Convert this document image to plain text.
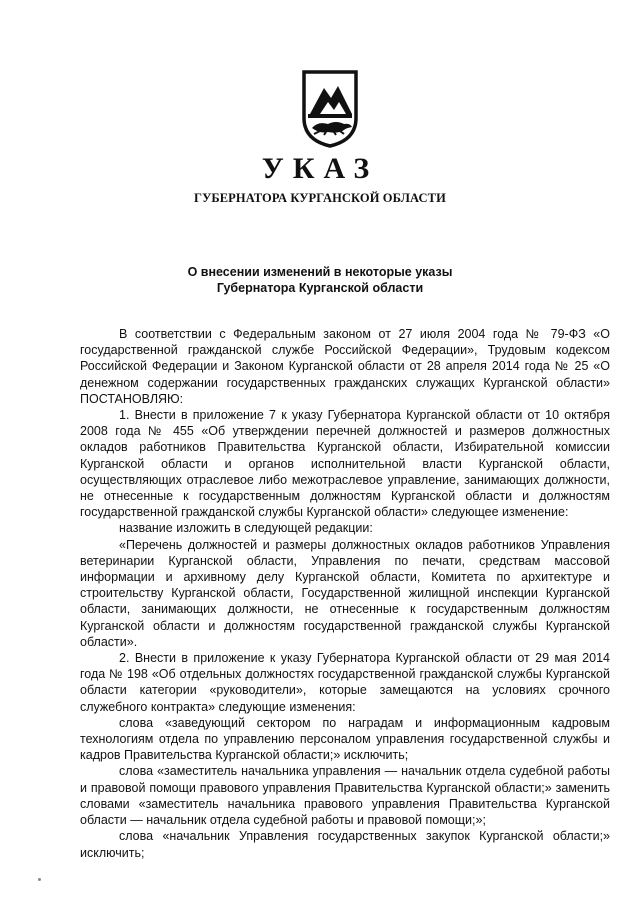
УКАЗ
ГУБЕРНАТОРА КУРГАНСКОЙ ОБЛАСТИ
О внесении изменений в некоторые указы
Губернатора Курганской области

В соответствии с Федеральным законом от 27 июля 2004 года № 79-ФЗ «О государственной гражданской службе Российской Федерации», Трудовым кодексом Российской Федерации и Законом Курганской области от 28 апреля 2014 года № 25 «О денежном содержании государственных гражданских служащих Курганской области» ПОСТАНОВЛЯЮ:

1. Внести в приложение 7 к указу Губернатора Курганской области от 10 октября 2008 года № 455 «Об утверждении перечней должностей и размеров должностных окладов работников Правительства Курганской области, Избирательной комиссии Курганской области и органов исполнительной власти Курганской области, осуществляющих отраслевое либо межотраслевое управление, занимающих должности, не отнесенные к государственным должностям Курганской области и должностям государственной гражданской службы Курганской области» следующее изменение:

название изложить в следующей редакции:

«Перечень должностей и размеры должностных окладов работников Управления ветеринарии Курганской области, Управления по печати, средствам массовой информации и архивному делу Курганской области, Комитета по архитектуре и строительству Курганской области, Государственной жилищной инспекции Курганской области, занимающих должности, не отнесенные к государственным должностям Курганской области и должностям государственной гражданской службы Курганской области».

2. Внести в приложение к указу Губернатора Курганской области от 29 мая 2014 года № 198 «Об отдельных должностях государственной гражданской службы Курганской области категории «руководители», которые замещаются на условиях срочного служебного контракта» следующие изменения:

слова «заведующий сектором по наградам и информационным кадровым технологиям отдела по управлению персоналом управления государственной службы и кадров Правительства Курганской области;» исключить;

слова «заместитель начальника управления — начальник отдела судебной работы и правовой помощи правового управления Правительства Курганской области;» заменить словами «заместитель начальника правового управления Правительства Курганской области — начальник отдела судебной работы и правовой помощи;»;

слова «начальник Управления государственных закупок Курганской области;» исключить;
